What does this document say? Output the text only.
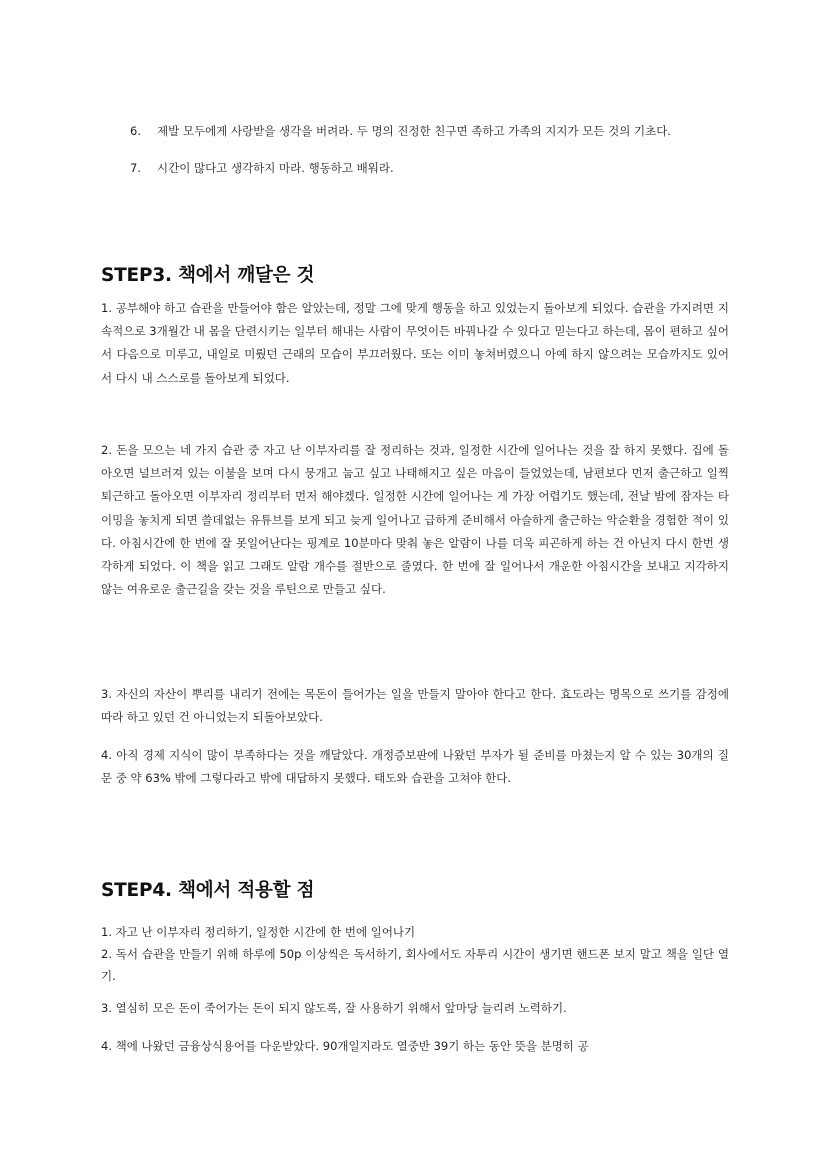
6. 제발 모두에게 사랑받을 생각을 버려라. 두 명의 진정한 친구면 족하고 가족의 지지가 모든 것의 기초다.
7. 시간이 많다고 생각하지 마라. 행동하고 배워라.
STEP3. 책에서 깨달은 것

1. 공부해야 하고 습관을 만들어야 함은 알았는데, 정말 그에 맞게 행동을 하고 있었는지 돌아보게 되었다. 습관을 가지려면 지속적으로 3개월간 내 몸을 단련시키는 일부터 해내는 사람이 무엇이든 바꿔나갈 수 있다고 믿는다고 하는데, 몸이 편하고 싶어서 다음으로 미루고, 내일로 미뤘던 근래의 모습이 부끄러웠다. 또는 이미 놓쳐버렸으니 아예 하지 않으려는 모습까지도 있어서 다시 내 스스로를 돌아보게 되었다.

2. 돈을 모으는 네 가지 습관 중 자고 난 이부자리를 잘 정리하는 것과, 일정한 시간에 일어나는 것을 잘 하지 못했다. 집에 돌아오면 널브러져 있는 이불을 보며 다시 뭉개고 눕고 싶고 나태해지고 싶은 마음이 들었었는데, 남편보다 먼저 출근하고 일찍 퇴근하고 돌아오면 이부자리 정리부터 먼저 해야겠다. 일정한 시간에 일어나는 게 가장 어렵기도 했는데, 전날 밤에 잠자는 타이밍을 놓치게 되면 쓸데없는 유튜브를 보게 되고 늦게 일어나고 급하게 준비해서 아슬하게 출근하는 악순환을 경험한 적이 있다. 아침시간에 한 번에 잘 못일어난다는 핑계로 10분마다 맞춰 놓은 알람이 나를 더욱 피곤하게 하는 건 아닌지 다시 한번 생각하게 되었다. 이 책을 읽고 그래도 알람 개수를 절반으로 줄였다. 한 번에 잘 일어나서 개운한 아침시간을 보내고 지각하지 않는 여유로운 출근길을 갖는 것을 루틴으로 만들고 싶다.

3. 자신의 자산이 뿌리를 내리기 전에는 목돈이 들어가는 일을 만들지 말아야 한다고 한다. 효도라는 명목으로 쓰기를 감정에 따라 하고 있던 건 아니었는지 되돌아보았다.

4. 아직 경제 지식이 많이 부족하다는 것을 깨달았다. 개정증보판에 나왔던 부자가 될 준비를 마쳤는지 알 수 있는 30개의 질문 중 약 63% 밖에 그렇다라고 밖에 대답하지 못했다. 태도와 습관을 고쳐야 한다.

STEP4. 책에서 적용할 점

1. 자고 난 이부자리 정리하기, 일정한 시간에 한 번에 일어나기

2. 독서 습관을 만들기 위해 하루에 50p 이상씩은 독서하기, 회사에서도 자투리 시간이 생기면 핸드폰 보지 말고 책을 일단 열기.

3. 열심히 모은 돈이 죽어가는 돈이 되지 않도록, 잘 사용하기 위해서 앞마당 늘리려 노력하기.

4. 책에 나왔던 금융상식용어를 다운받았다. 90개일지라도 열중반 39기 하는 동안 뜻을 분명히 공
